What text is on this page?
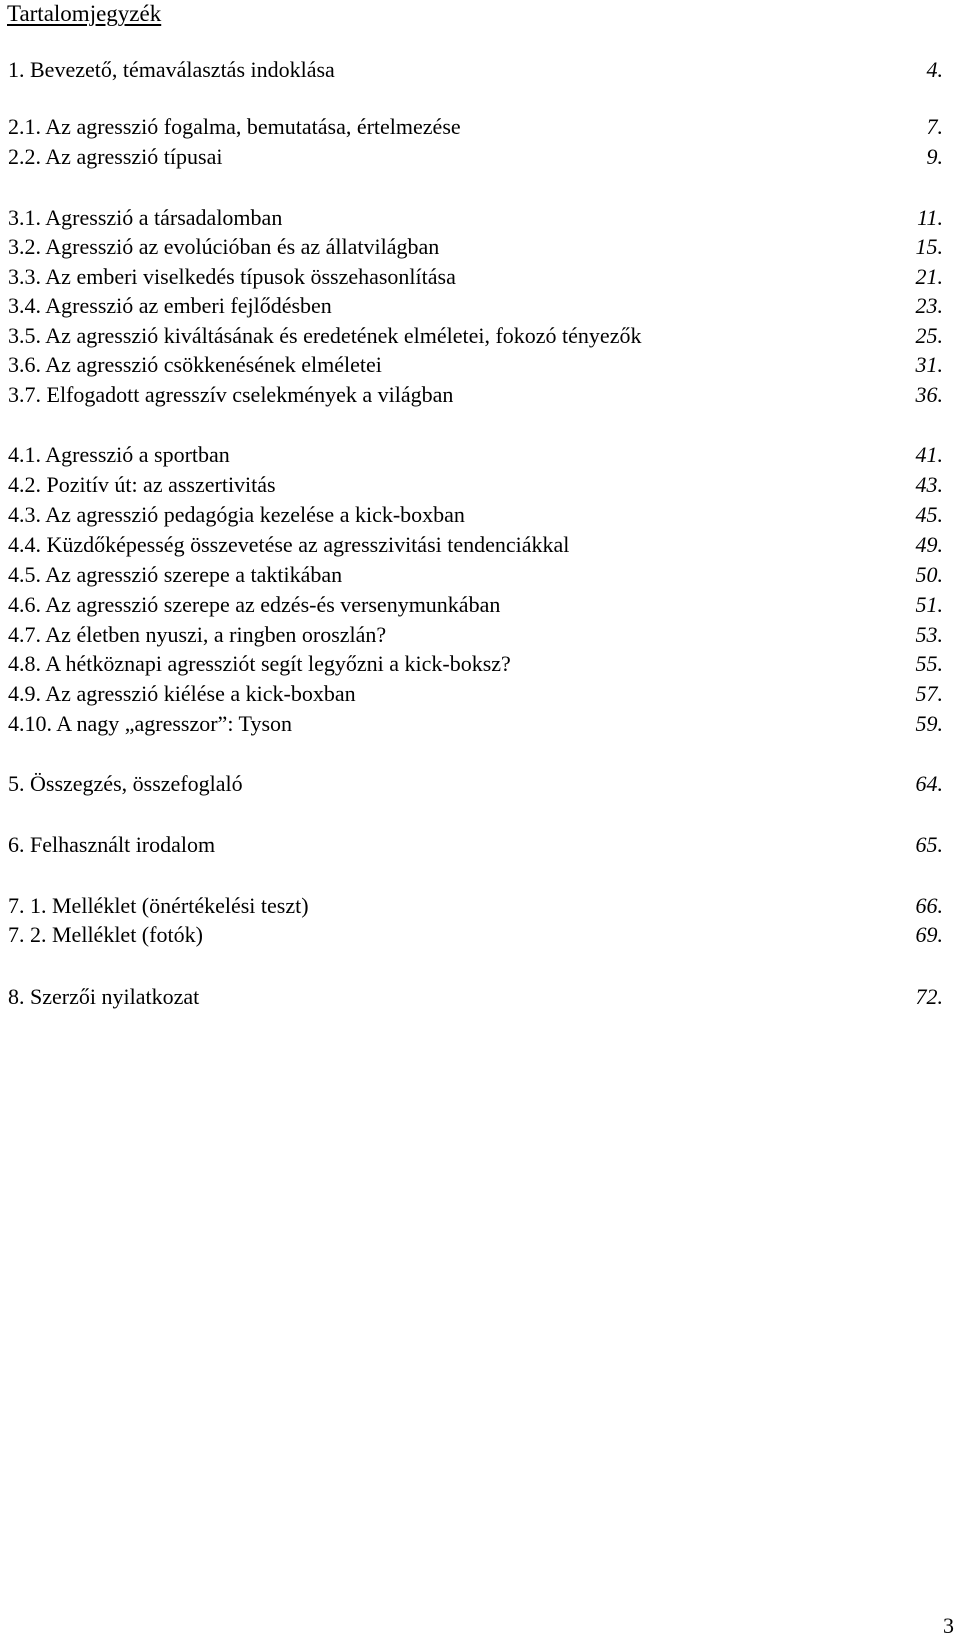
Tartalomjegyzék
1. Bevezető, témaválasztás indoklása	4.
2.1. Az agresszió fogalma, bemutatása, értelmezése	7.
2.2. Az agresszió típusai	9.
3.1. Agresszió a társadalomban	11.
3.2. Agresszió az evolúcióban és az állatvilágban	15.
3.3. Az emberi viselkedés típusok összehasonlítása	21.
3.4. Agresszió az emberi fejlődésben	23.
3.5. Az agresszió kiváltásának és eredetének elméletei, fokozó tényezők	25.
3.6. Az agresszió csökkenésének elméletei	31.
3.7. Elfogadott agresszív cselekmények a világban	36.
4.1. Agresszió a sportban	41.
4.2. Pozitív út: az asszertivitás	43.
4.3. Az agresszió pedagógia kezelése a kick-boxban	45.
4.4. Küzdőképesség összevetése az agresszivitási tendenciákkal	49.
4.5. Az agresszió szerepe a taktikában	50.
4.6. Az agresszió szerepe az edzés-és versenymunkában	51.
4.7. Az életben nyuszi, a ringben oroszlán?	53.
4.8. A hétköznapi agressziót segít legyőzni a kick-boksz?	55.
4.9. Az agresszió kiélése a kick-boxban	57.
4.10. A nagy „agresszor”: Tyson	59.
5. Összegzés, összefoglaló	64.
6. Felhasznált irodalom	65.
7. 1. Melléklet (önértékelési teszt)	66.
7. 2. Melléklet (fotók)	69.
8. Szerzői nyilatkozat	72.
3
